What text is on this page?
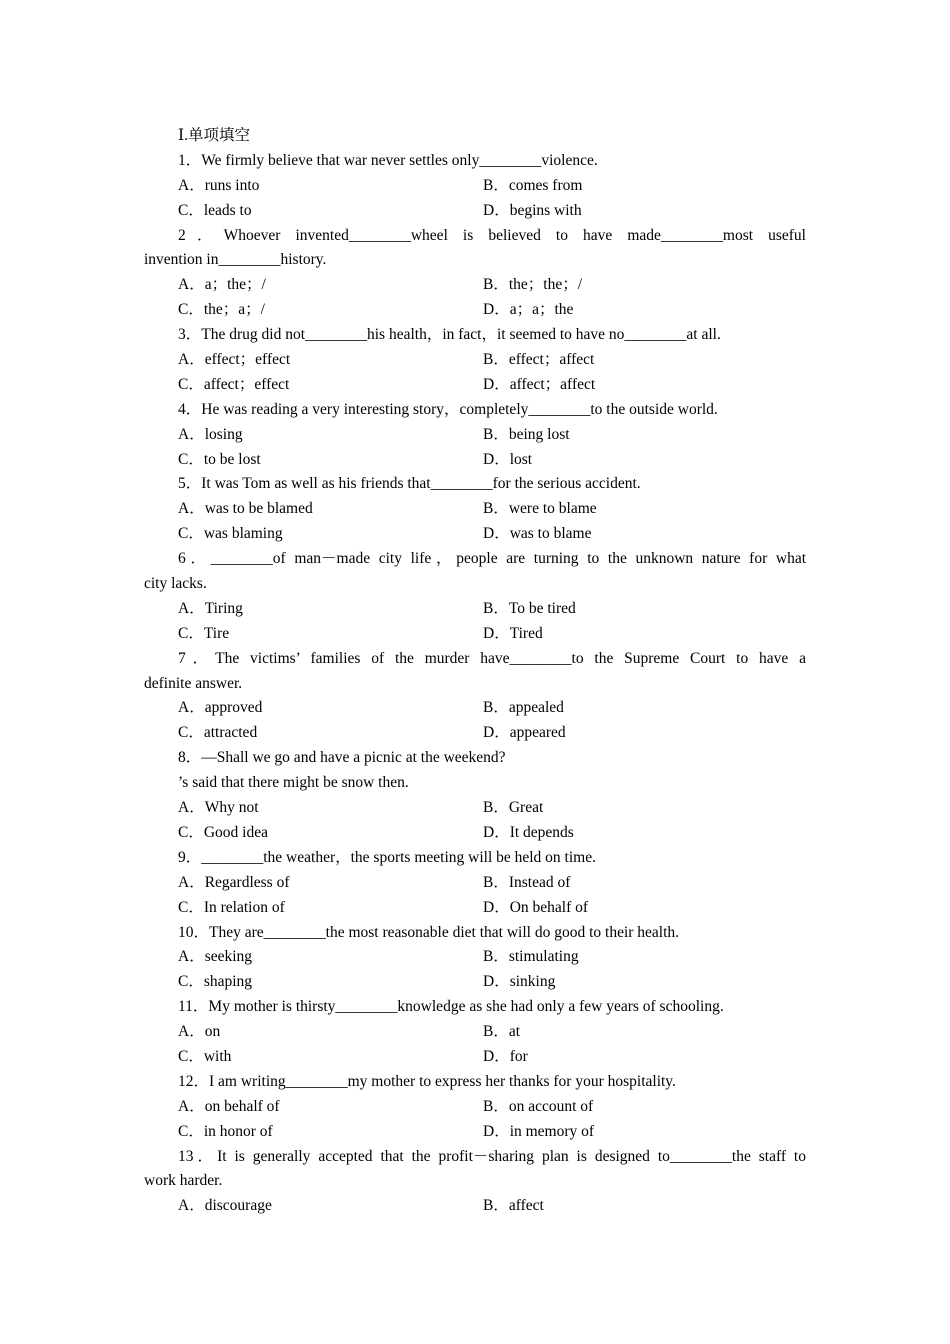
Ⅰ.单项填空
1．We firmly believe that war never settles only________violence.
A．runs into	B．comes from
C．leads to	D．begins with
2．Whoever invented________wheel is believed to have made________most useful
invention in________history.
A．a；the；/	B．the；the；/
C．the；a；/	D．a；a；the
3．The drug did not________his health，in fact，it seemed to have no________at all.
A．effect；effect	B．effect；affect
C．affect；effect	D．affect；affect
4．He was reading a very interesting story，completely________to the outside world.
A．losing	B．being lost
C．to be lost	D．lost
5．It was Tom as well as his friends that________for the serious accident.
A．was to be blamed	B．were to blame
C．was blaming	D．was to blame
6．________of man－made city life，people are turning to the unknown nature for what
city lacks.
A．Tiring	B．To be tired
C．Tire	D．Tired
7．The victims’ families of the murder have________to the Supreme Court to have a
definite answer.
A．approved	B．appealed
C．attracted	D．appeared
8．—Shall we go and have a picnic at the weekend?
’s said that there might be snow then.
A．Why not	B．Great
C．Good idea	D．It depends
9．________the weather，the sports meeting will be held on time.
A．Regardless of	B．Instead of
C．In relation of	D．On behalf of
10．They are________the most reasonable diet that will do good to their health.
A．seeking	B．stimulating
C．shaping	D．sinking
11．My mother is thirsty________knowledge as she had only a few years of schooling.
A．on	B．at
C．with	D．for
12．I am writing________my mother to express her thanks for your hospitality.
A．on behalf of	B．on account of
C．in honor of	D．in memory of
13．It is generally accepted that the profit－sharing plan is designed to________the staff to
work harder.
A．discourage	B．affect
